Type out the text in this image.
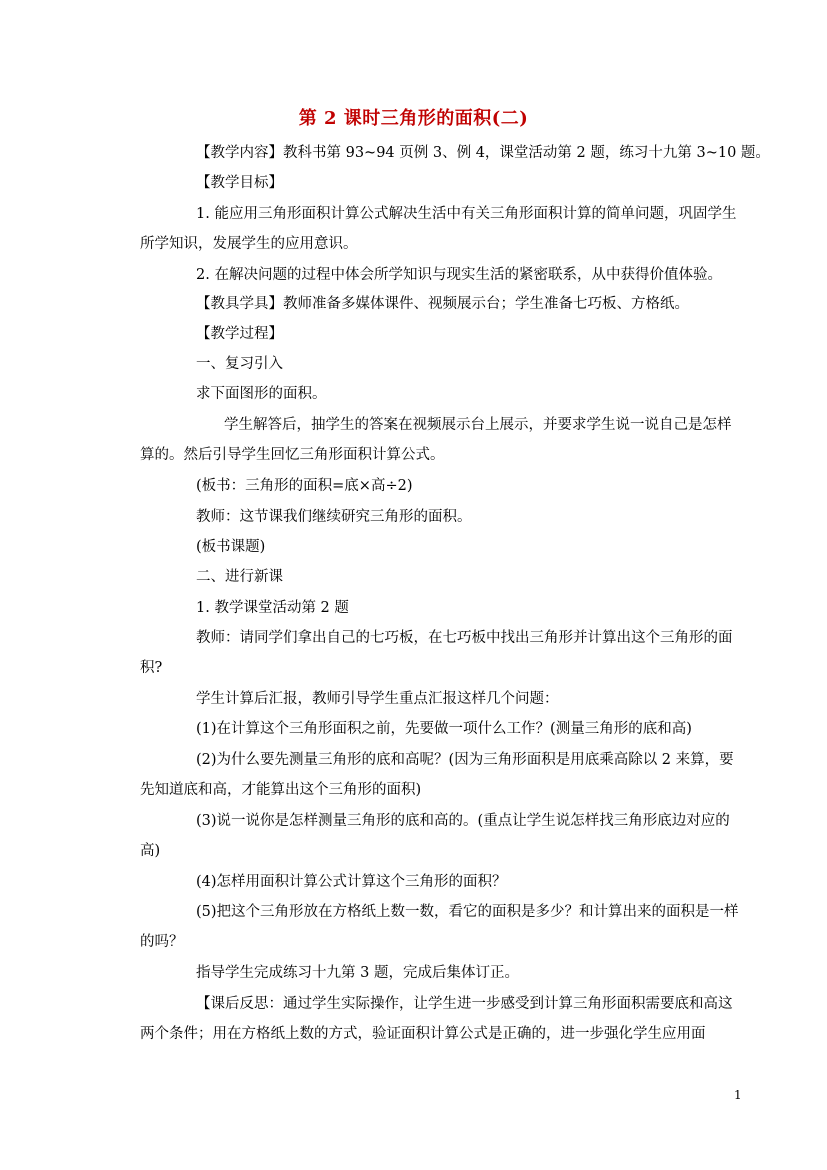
第 2 课时三角形的面积(二)
【教学内容】教科书第 93~94 页例 3、例 4，课堂活动第 2 题，练习十九第 3~10 题。
【教学目标】
1. 能应用三角形面积计算公式解决生活中有关三角形面积计算的简单问题，巩固学生
所学知识，发展学生的应用意识。
2. 在解决问题的过程中体会所学知识与现实生活的紧密联系，从中获得价值体验。
【教具学具】教师准备多媒体课件、视频展示台；学生准备七巧板、方格纸。
【教学过程】
一、复习引入
求下面图形的面积。
学生解答后，抽学生的答案在视频展示台上展示，并要求学生说一说自己是怎样
算的。然后引导学生回忆三角形面积计算公式。
(板书：三角形的面积=底×高÷2)
教师：这节课我们继续研究三角形的面积。
(板书课题)
二、进行新课
1. 教学课堂活动第 2 题
教师：请同学们拿出自己的七巧板，在七巧板中找出三角形并计算出这个三角形的面
积?
学生计算后汇报，教师引导学生重点汇报这样几个问题：
(1)在计算这个三角形面积之前，先要做一项什么工作？(测量三角形的底和高)
(2)为什么要先测量三角形的底和高呢？(因为三角形面积是用底乘高除以 2 来算，要
先知道底和高，才能算出这个三角形的面积)
(3)说一说你是怎样测量三角形的底和高的。(重点让学生说怎样找三角形底边对应的
高)
(4)怎样用面积计算公式计算这个三角形的面积？
(5)把这个三角形放在方格纸上数一数，看它的面积是多少？和计算出来的面积是一样
的吗？
指导学生完成练习十九第 3 题，完成后集体订正。
【课后反思：通过学生实际操作，让学生进一步感受到计算三角形面积需要底和高这
两个条件；用在方格纸上数的方式，验证面积计算公式是正确的，进一步强化学生应用面
1
